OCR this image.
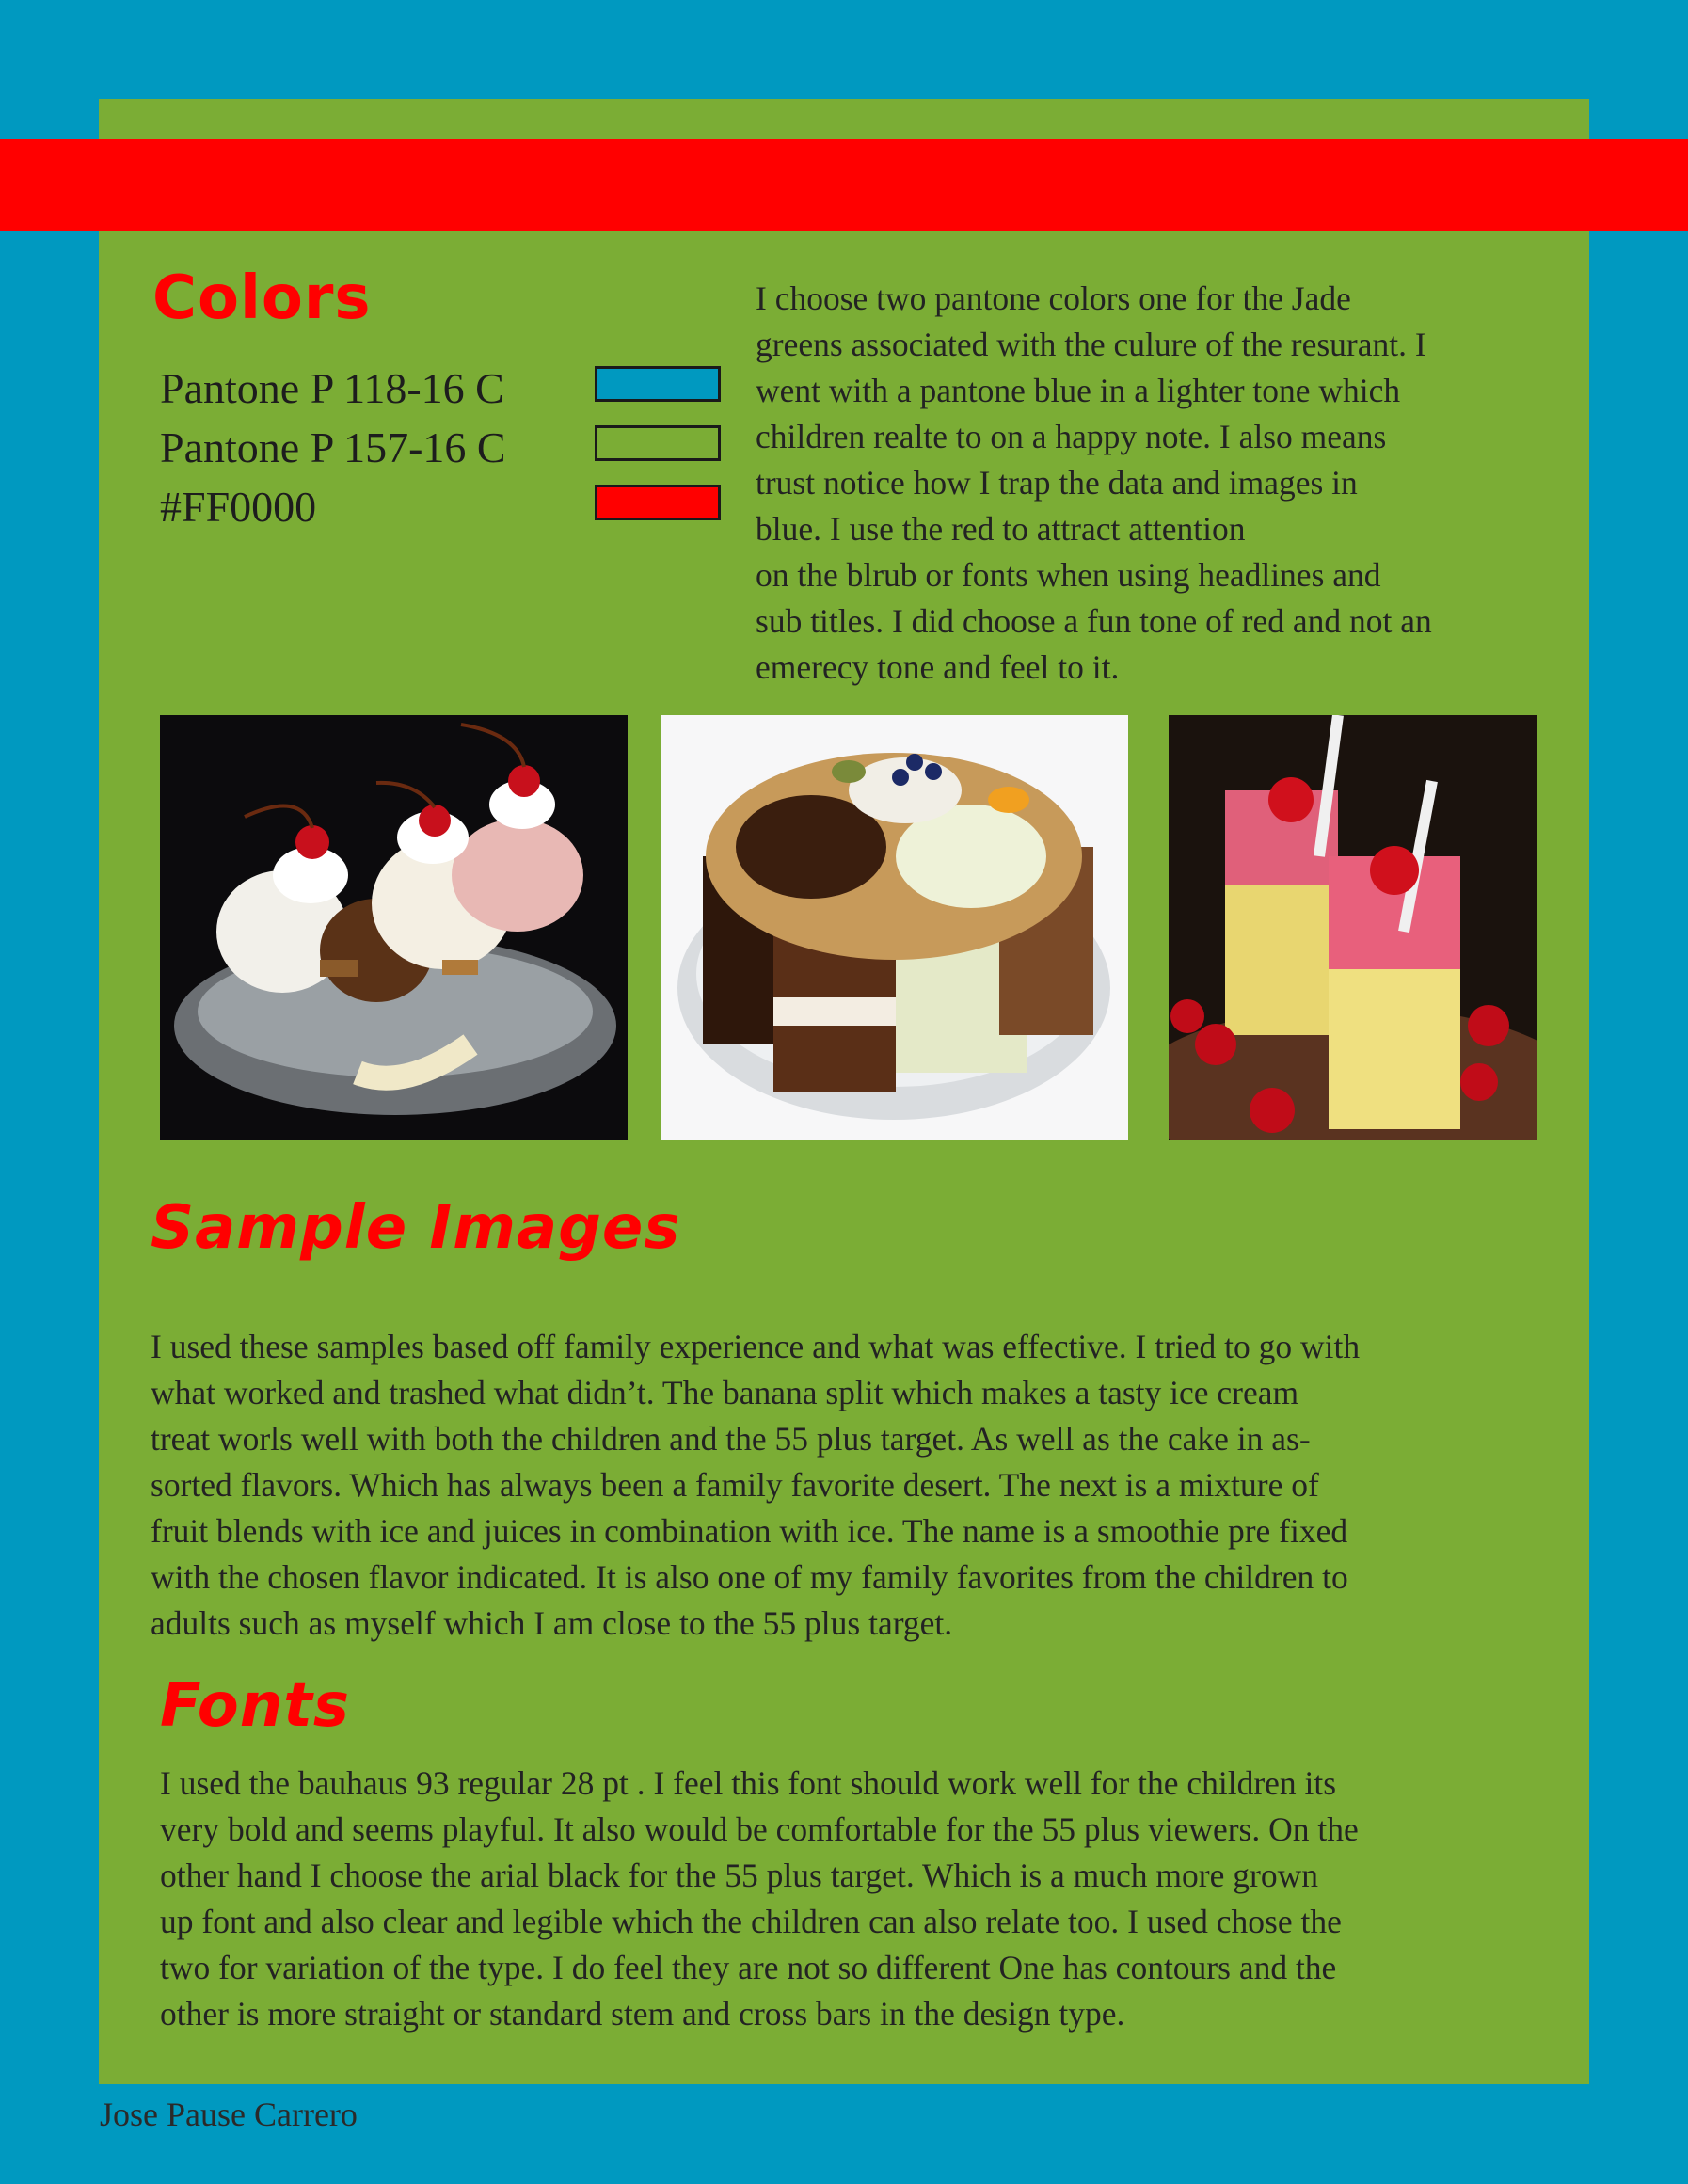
Colors
Pantone P 118-16 C
Pantone P 157-16 C
#FF0000

I choose two pantone colors one for the Jade
greens associated with the culure of the resurant. I
went with a pantone blue in a lighter tone which
children realte to on a happy note. I also means
trust notice how I trap the data and images in
blue. I use the red to attract attention
on the blrub or fonts when using headlines and
sub titles. I did choose a fun tone of red and not an
emerecy tone and feel to it.

Sample Images

I used these samples based off family experience and what was effective. I tried to go with
what worked and trashed what didn’t. The banana split which makes a tasty ice cream
treat worls well with both the children and the 55 plus target. As well as the cake in as-
sorted flavors. Which has always been a family favorite desert. The next is a mixture of
fruit blends with ice and juices in combination with ice. The name is a smoothie pre fixed
with the chosen flavor indicated. It is also one of my family favorites from the children to
adults such as myself which I am close to the 55 plus target.

Fonts

I used the bauhaus 93 regular 28 pt . I feel this font should work well for the children its
very bold and seems playful. It also would be comfortable for the 55 plus viewers. On the
other hand I choose the arial black for the 55 plus target. Which is a much more grown
up font and also clear and legible which the children can also relate too. I used chose the
two for variation of the type. I do feel they are not so different One has contours and the
other is more straight or standard stem and cross bars in the design type.

Jose Pause Carrero
